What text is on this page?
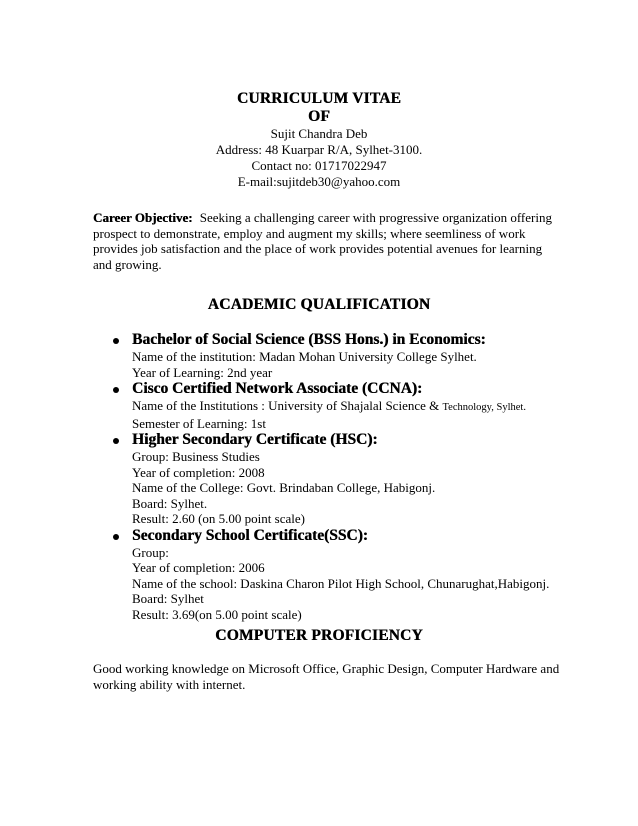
CURRICULUM VITAE
OF
Sujit Chandra Deb
Address: 48 Kuarpar R/A, Sylhet-3100.
Contact no: 01717022947
E-mail:sujitdeb30@yahoo.com
Career Objective: Seeking a challenging career with progressive organization offering prospect to demonstrate, employ and augment my skills; where seemliness of work provides job satisfaction and the place of work provides potential avenues for learning and growing.
ACADEMIC QUALIFICATION
Bachelor of Social Science (BSS Hons.) in Economics:
Name of the institution: Madan Mohan University College Sylhet.
Year of Learning: 2nd year
Cisco Certified Network Associate (CCNA):
Name of the Institutions : University of Shajalal Science & Technology, Sylhet.
Semester of Learning: 1st
Higher Secondary Certificate (HSC):
Group: Business Studies
Year of completion: 2008
Name of the College: Govt. Brindaban College, Habigonj.
Board: Sylhet.
Result: 2.60 (on 5.00 point scale)
Secondary School Certificate(SSC):
Group:
Year of completion: 2006
Name of the school: Daskina Charon Pilot High School, Chunarughat,Habigonj.
Board: Sylhet
Result: 3.69(on 5.00 point scale)
COMPUTER PROFICIENCY
Good working knowledge on Microsoft Office, Graphic Design, Computer Hardware and working ability with internet.
